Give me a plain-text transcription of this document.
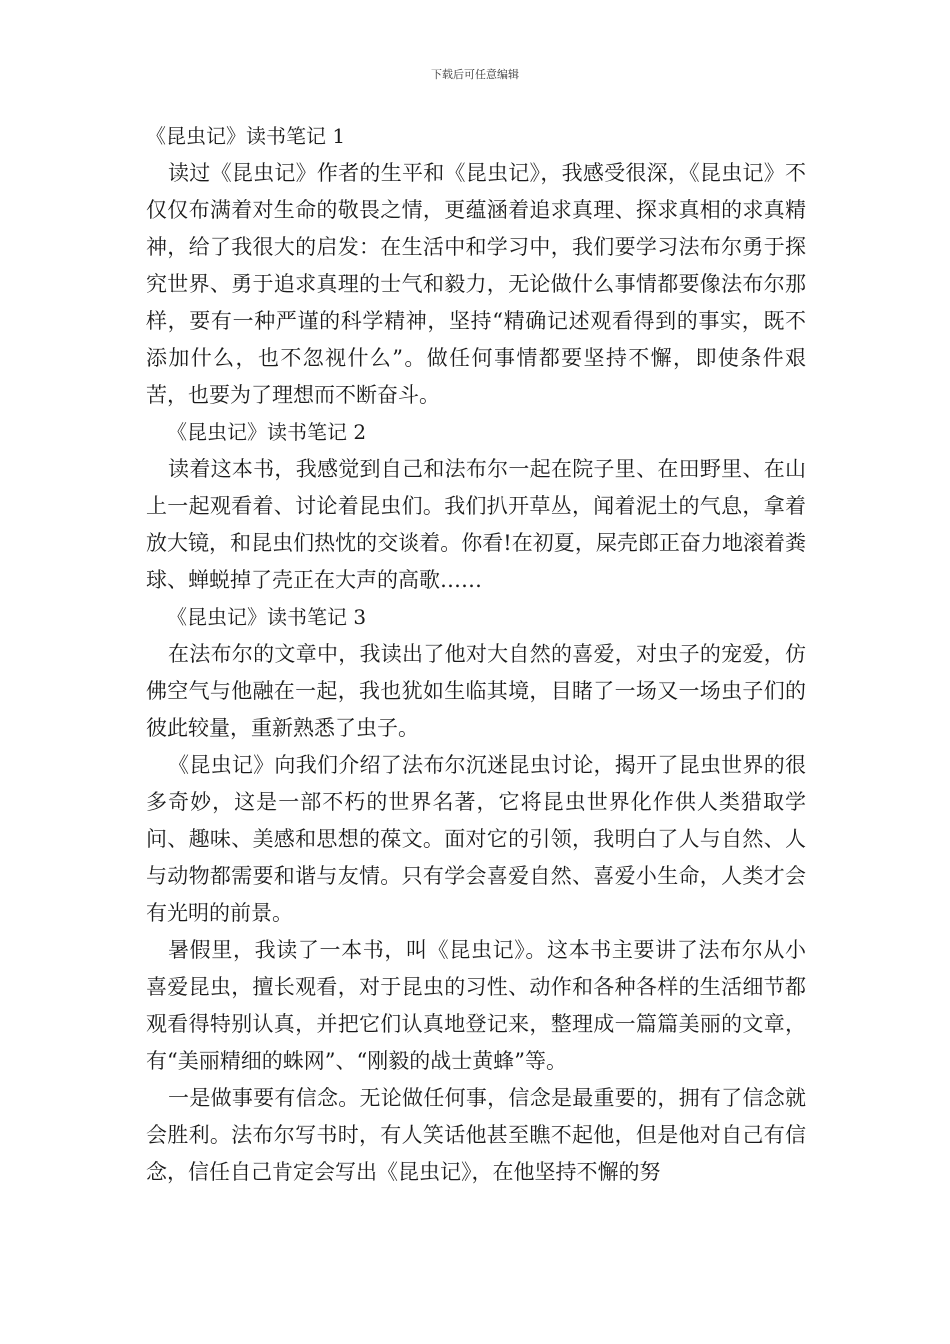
下载后可任意编辑

《昆虫记》读书笔记 1

读过《昆虫记》作者的生平和《昆虫记》，我感受很深，《昆虫记》不仅仅布满着对生命的敬畏之情，更蕴涵着追求真理、探求真相的求真精神，给了我很大的启发：在生活中和学习中，我们要学习法布尔勇于探究世界、勇于追求真理的士气和毅力，无论做什么事情都要像法布尔那样，要有一种严谨的科学精神，坚持“精确记述观看得到的事实，既不添加什么，也不忽视什么”。做任何事情都要坚持不懈，即使条件艰苦，也要为了理想而不断奋斗。

《昆虫记》读书笔记 2

读着这本书，我感觉到自己和法布尔一起在院子里、在田野里、在山上一起观看着、讨论着昆虫们。我们扒开草丛，闻着泥土的气息，拿着放大镜，和昆虫们热忱的交谈着。你看!在初夏，屎壳郎正奋力地滚着粪球、蝉蜕掉了壳正在大声的高歌……

《昆虫记》读书笔记 3

在法布尔的文章中，我读出了他对大自然的喜爱，对虫子的宠爱，仿佛空气与他融在一起，我也犹如生临其境，目睹了一场又一场虫子们的彼此较量，重新熟悉了虫子。

《昆虫记》向我们介绍了法布尔沉迷昆虫讨论，揭开了昆虫世界的很多奇妙，这是一部不朽的世界名著，它将昆虫世界化作供人类猎取学问、趣味、美感和思想的葆文。面对它的引领，我明白了人与自然、人与动物都需要和谐与友情。只有学会喜爱自然、喜爱小生命，人类才会有光明的前景。

暑假里，我读了一本书，叫《昆虫记》。这本书主要讲了法布尔从小喜爱昆虫，擅长观看，对于昆虫的习性、动作和各种各样的生活细节都观看得特别认真，并把它们认真地登记来，整理成一篇篇美丽的文章，有“美丽精细的蛛网”、“刚毅的战士黄蜂”等。

一是做事要有信念。无论做任何事，信念是最重要的，拥有了信念就会胜利。法布尔写书时，有人笑话他甚至瞧不起他，但是他对自己有信念，信任自己肯定会写出《昆虫记》，在他坚持不懈的努
